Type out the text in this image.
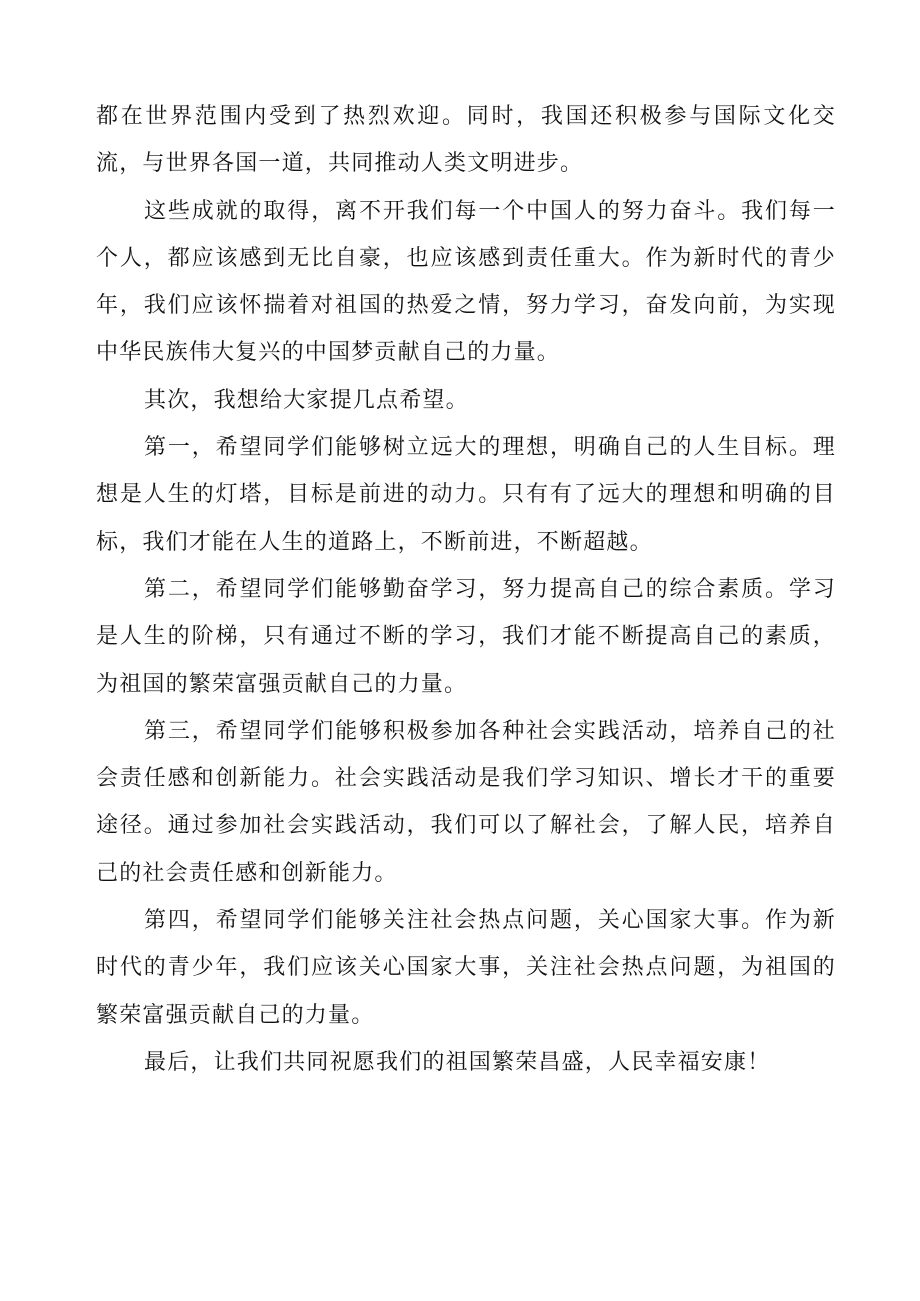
都在世界范围内受到了热烈欢迎。同时，我国还积极参与国际文化交流，与世界各国一道，共同推动人类文明进步。

这些成就的取得，离不开我们每一个中国人的努力奋斗。我们每一个人，都应该感到无比自豪，也应该感到责任重大。作为新时代的青少年，我们应该怀揣着对祖国的热爱之情，努力学习，奋发向前，为实现中华民族伟大复兴的中国梦贡献自己的力量。

其次，我想给大家提几点希望。

第一，希望同学们能够树立远大的理想，明确自己的人生目标。理想是人生的灯塔，目标是前进的动力。只有有了远大的理想和明确的目标，我们才能在人生的道路上，不断前进，不断超越。

第二，希望同学们能够勤奋学习，努力提高自己的综合素质。学习是人生的阶梯，只有通过不断的学习，我们才能不断提高自己的素质，为祖国的繁荣富强贡献自己的力量。

第三，希望同学们能够积极参加各种社会实践活动，培养自己的社会责任感和创新能力。社会实践活动是我们学习知识、增长才干的重要途径。通过参加社会实践活动，我们可以了解社会，了解人民，培养自己的社会责任感和创新能力。

第四，希望同学们能够关注社会热点问题，关心国家大事。作为新时代的青少年，我们应该关心国家大事，关注社会热点问题，为祖国的繁荣富强贡献自己的力量。

最后，让我们共同祝愿我们的祖国繁荣昌盛，人民幸福安康！
